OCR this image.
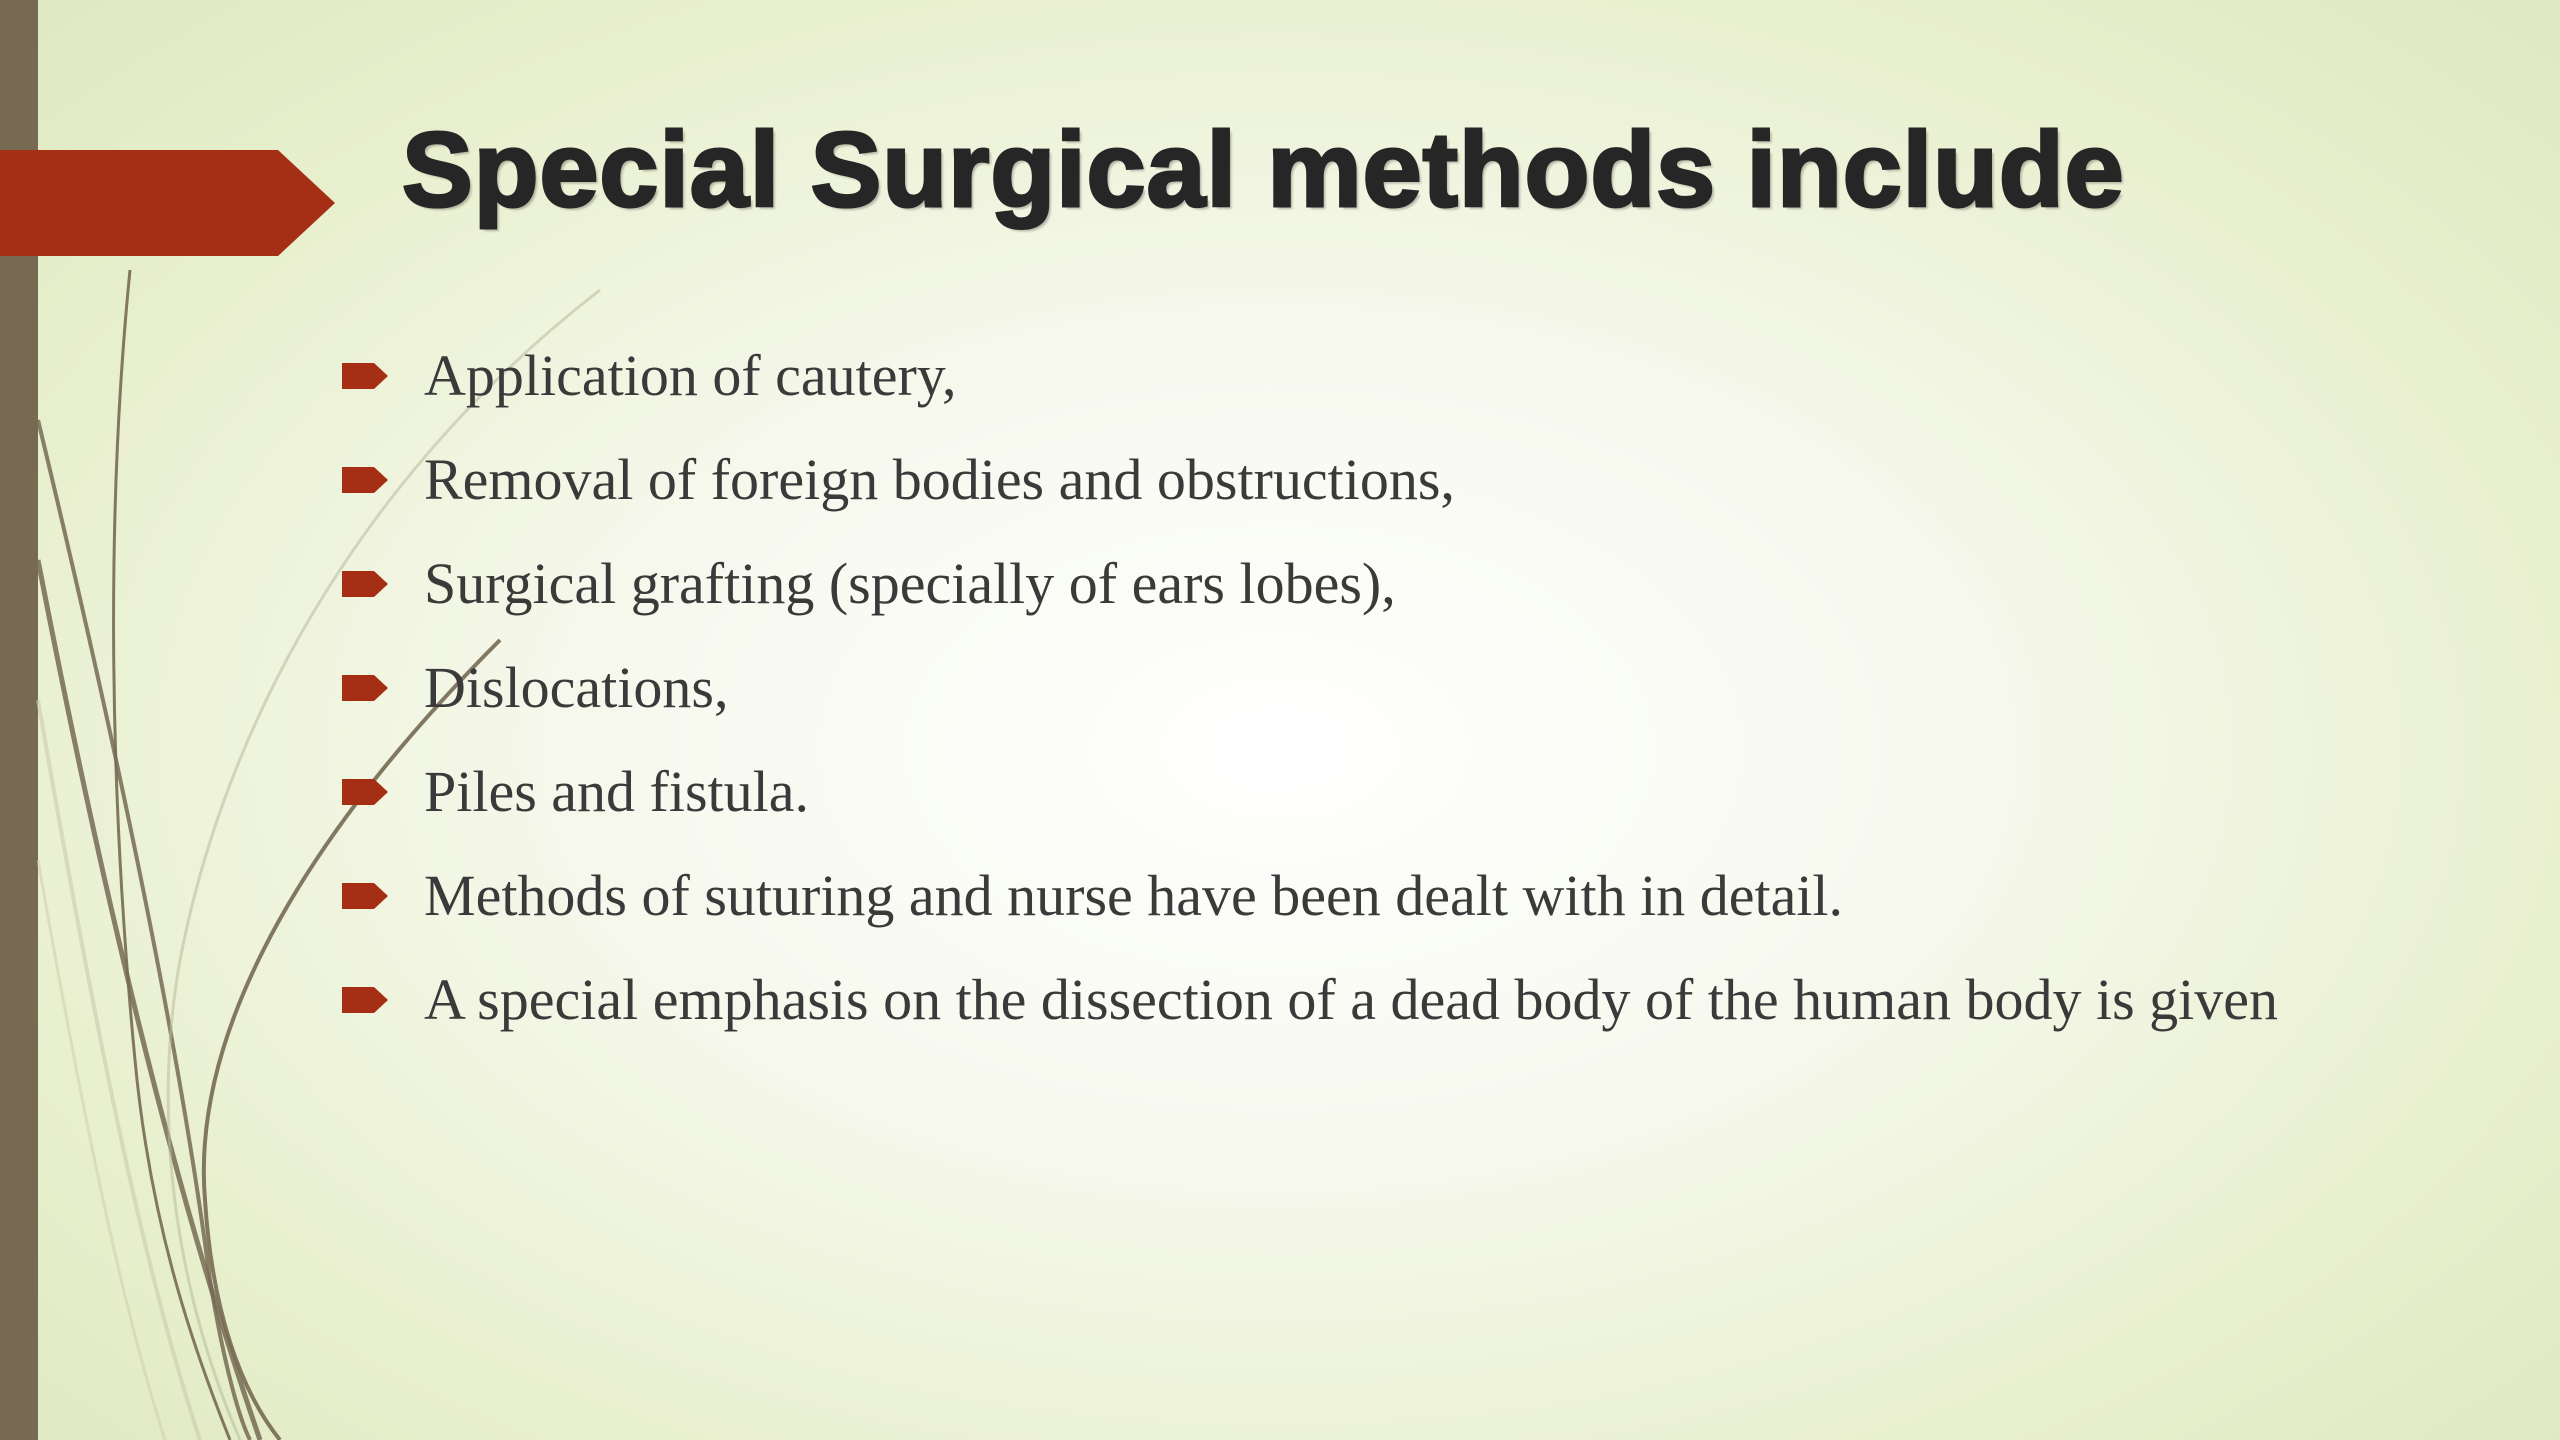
Special Surgical methods include
Application of cautery,
Removal of foreign bodies and obstructions,
Surgical grafting (specially of ears lobes),
Dislocations,
Piles and fistula.
Methods of suturing and nurse have been dealt with in detail.
A special emphasis on the dissection of a dead body of the human body is given
